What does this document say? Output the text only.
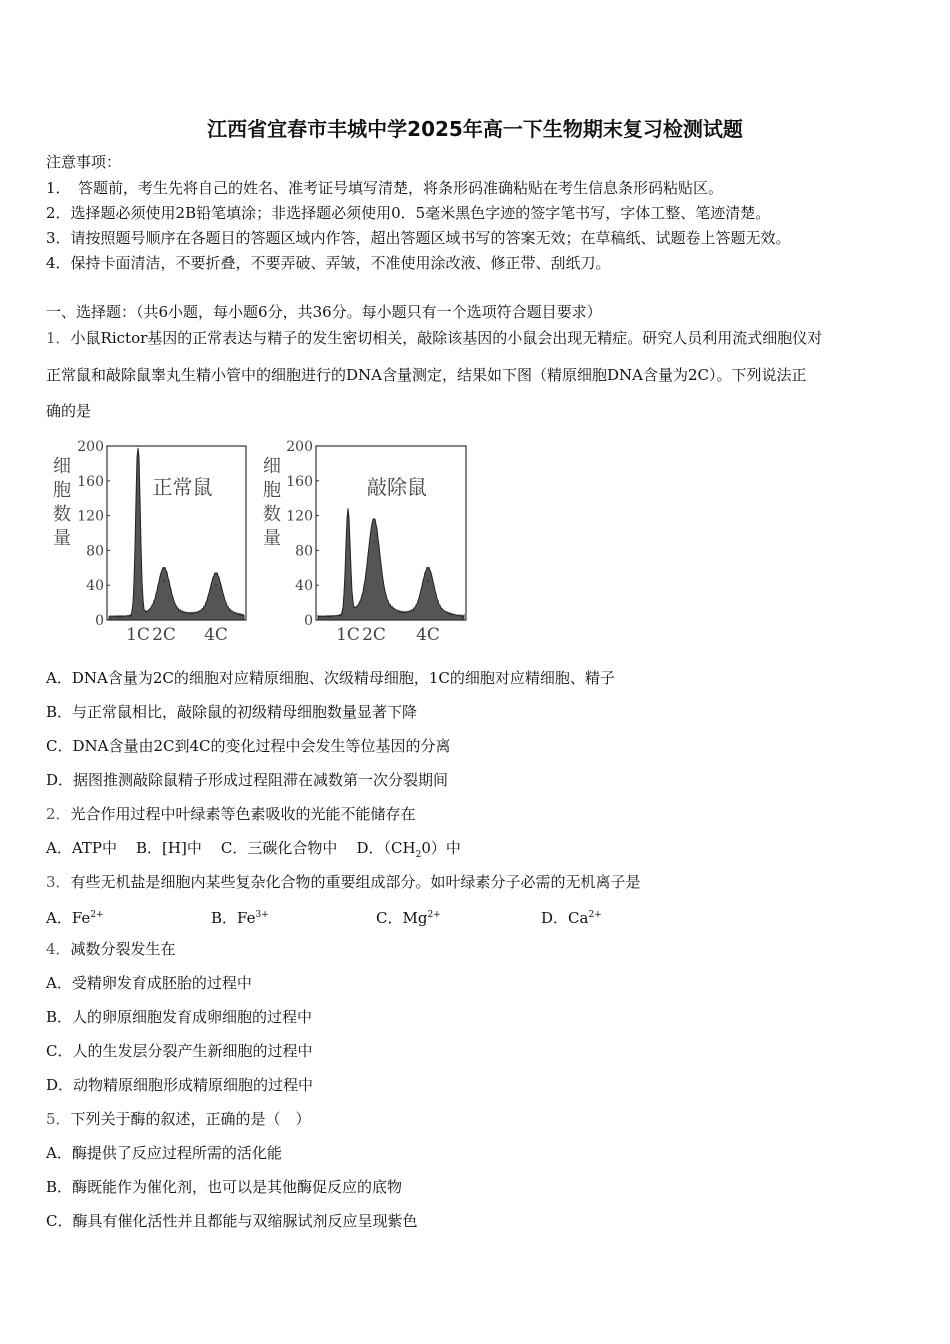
江西省宜春市丰城中学2025年高一下生物期末复习检测试题
注意事项：
1．　答题前，考生先将自己的姓名、准考证号填写清楚，将条形码准确粘贴在考生信息条形码粘贴区。
2．选择题必须使用2B铅笔填涂；非选择题必须使用0．5毫米黑色字迹的签字笔书写，字体工整、笔迹清楚。
3．请按照题号顺序在各题目的答题区域内作答，超出答题区域书写的答案无效；在草稿纸、试题卷上答题无效。
4．保持卡面清洁，不要折叠，不要弄破、弄皱，不准使用涂改液、修正带、刮纸刀。
一、选择题：（共6小题，每小题6分，共36分。每小题只有一个选项符合题目要求）
1．小鼠Rictor基因的正常表达与精子的发生密切相关，敲除该基因的小鼠会出现无精症。研究人员利用流式细胞仪对
正常鼠和敲除鼠睾丸生精小管中的细胞进行的DNA含量测定，结果如下图（精原细胞DNA含量为2C）。下列说法正
确的是
200
160
120
80
40
0
细
胞
数
量
正常鼠
1C 2C 4C
200
160
120
80
40
0
细
胞
数
量
敲除鼠
1C 2C 4C
A．DNA含量为2C的细胞对应精原细胞、次级精母细胞，1C的细胞对应精细胞、精子
B．与正常鼠相比，敲除鼠的初级精母细胞数量显著下降
C．DNA含量由2C到4C的变化过程中会发生等位基因的分离
D．据图推测敲除鼠精子形成过程阻滞在减数第一次分裂期间
2．光合作用过程中叶绿素等色素吸收的光能不能储存在
A．ATP中 B．[H]中 C．三碳化合物中 D．$(CH_20)$中
3．有些无机盐是细胞内某些复杂化合物的重要组成部分。如叶绿素分子必需的无机离子是
A．$Fe^{2+}$	B．$Fe^{3+}$	C．$Mg^{2+}$	D．$Ca^{2+}$
4．减数分裂发生在
A．受精卵发育成胚胎的过程中
B．人的卵原细胞发育成卵细胞的过程中
C．人的生发层分裂产生新细胞的过程中
D．动物精原细胞形成精原细胞的过程中
5．下列关于酶的叙述，正确的是（　）
A．酶提供了反应过程所需的活化能
B．酶既能作为催化剂，也可以是其他酶促反应的底物
C．酶具有催化活性并且都能与双缩脲试剂反应呈现紫色
